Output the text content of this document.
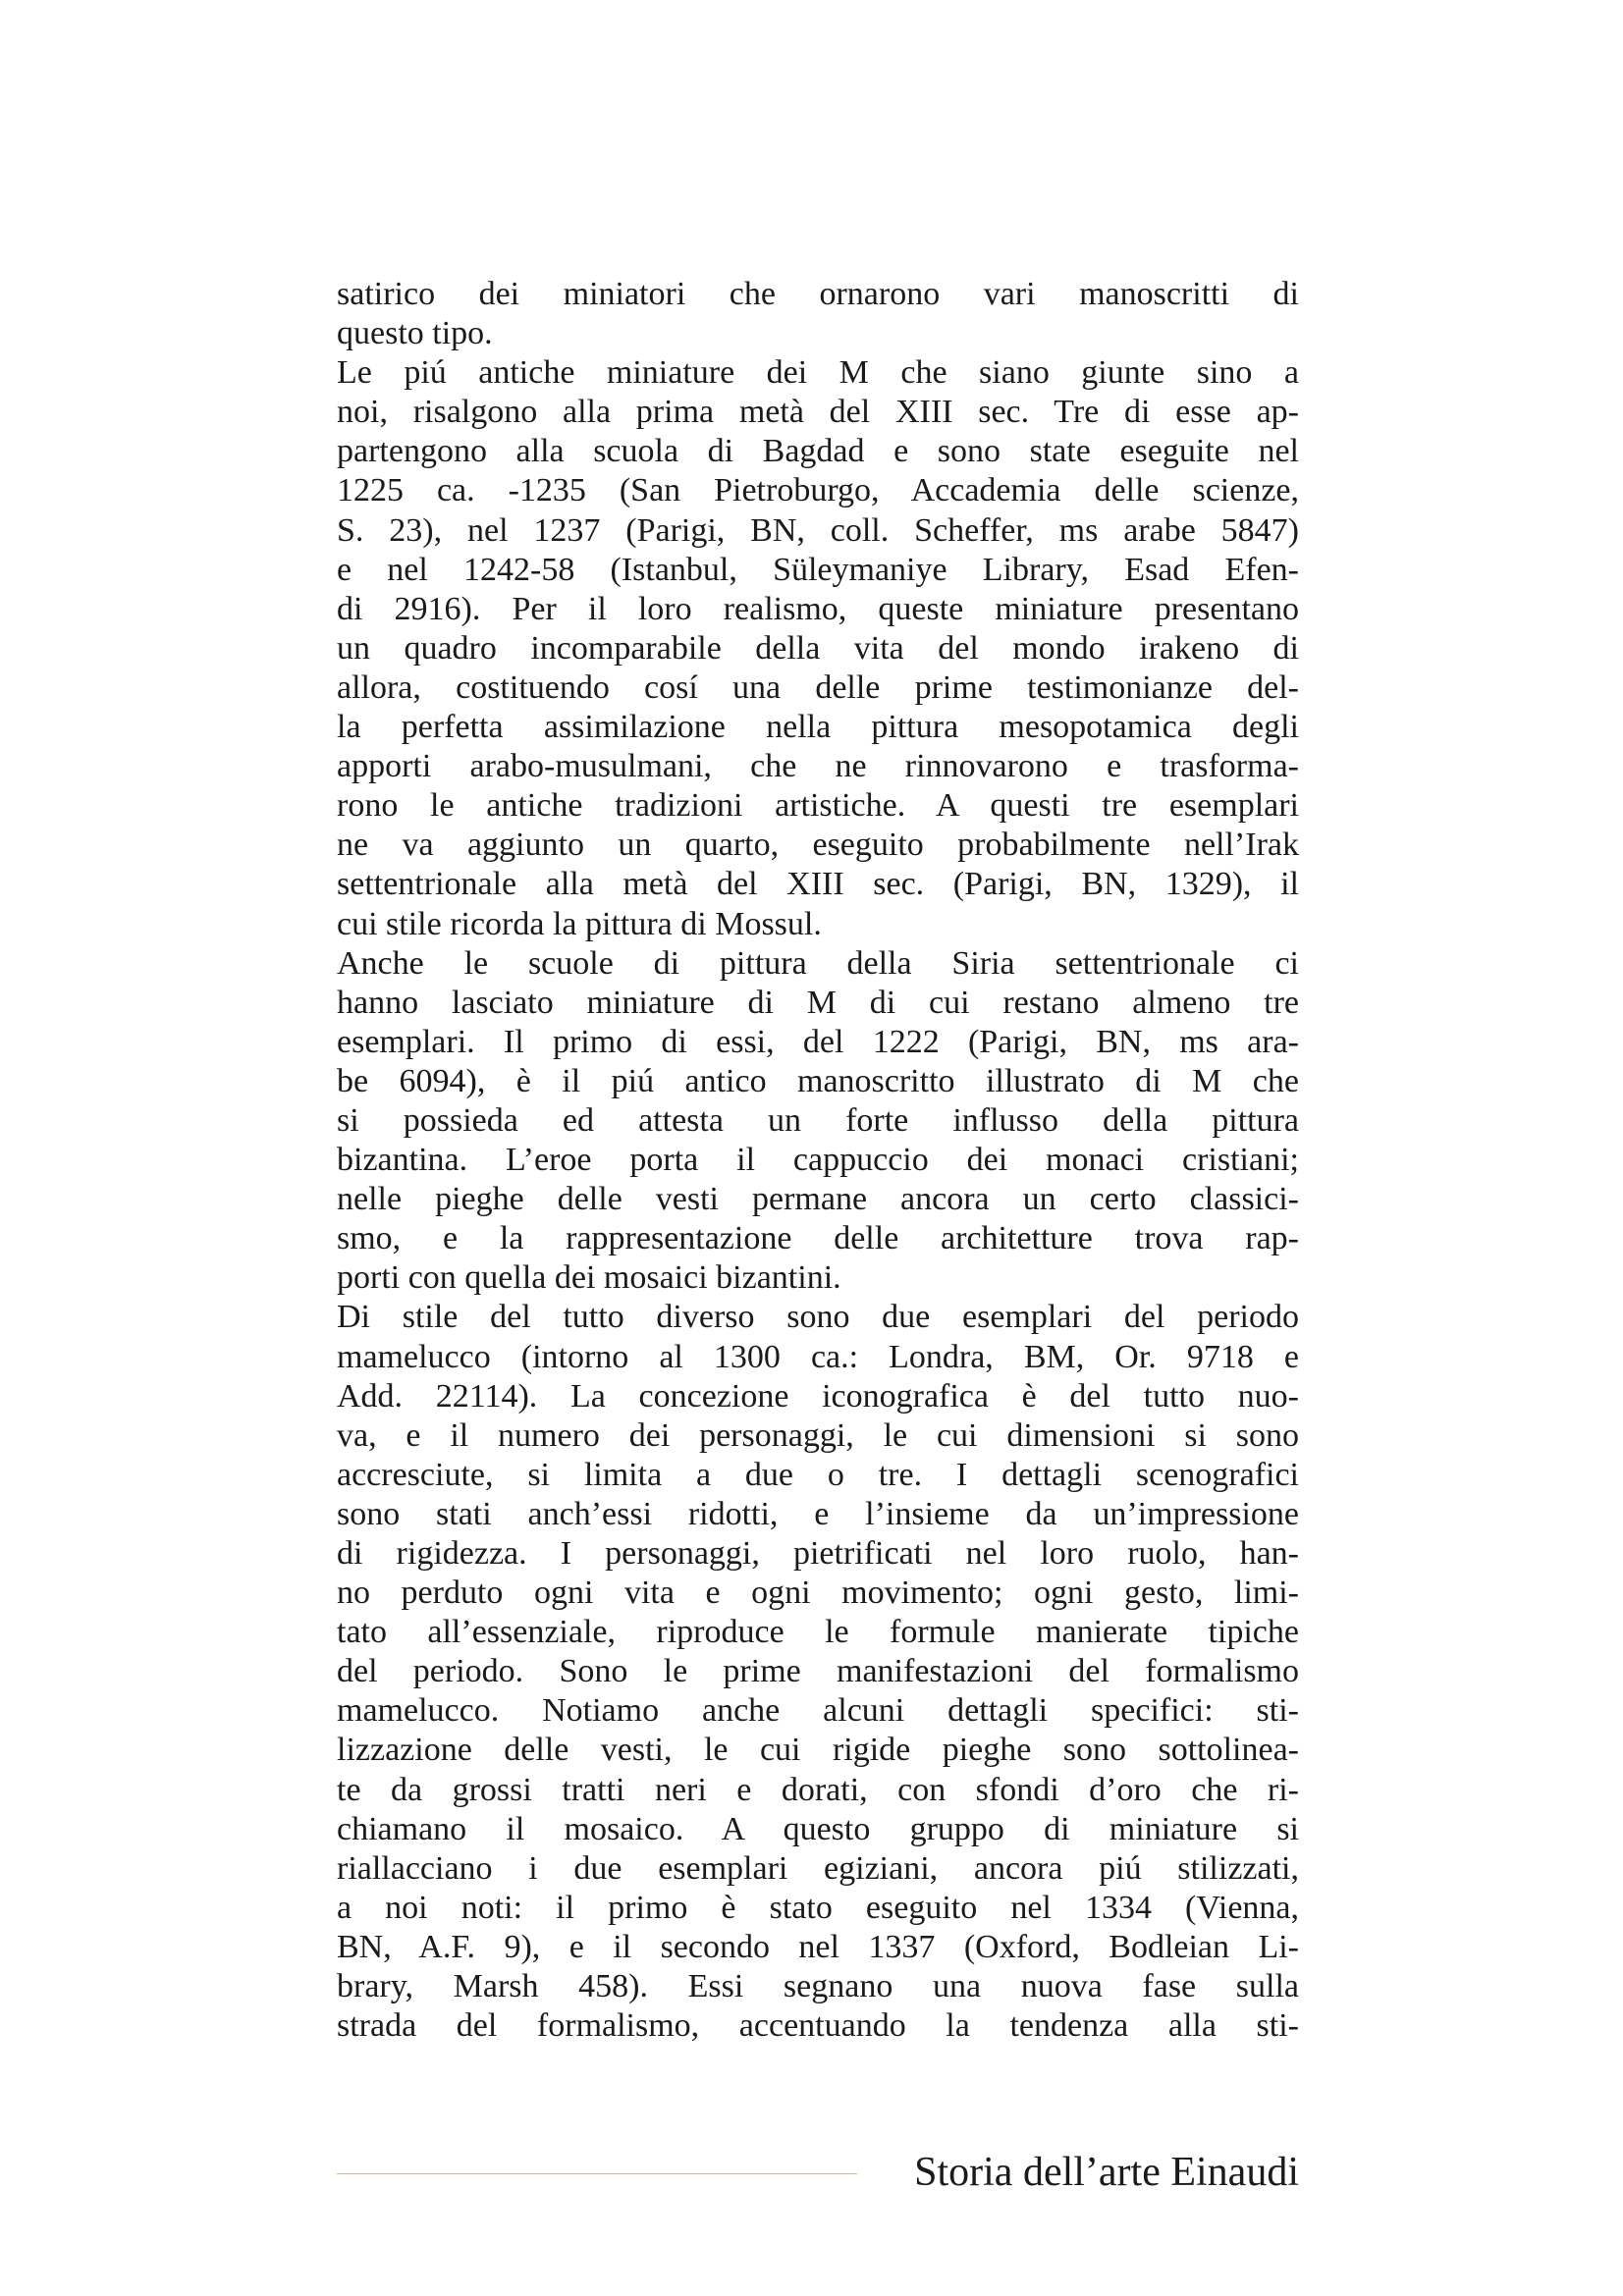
satirico dei miniatori che ornarono vari manoscritti di
questo tipo.
Le piú antiche miniature dei M che siano giunte sino a
noi, risalgono alla prima metà del XIII sec. Tre di esse ap-
partengono alla scuola di Bagdad e sono state eseguite nel
1225 ca. -1235 (San Pietroburgo, Accademia delle scienze,
S. 23), nel 1237 (Parigi, BN, coll. Scheffer, ms arabe 5847)
e nel 1242-58 (Istanbul, Süleymaniye Library, Esad Efen-
di 2916). Per il loro realismo, queste miniature presentano
un quadro incomparabile della vita del mondo irakeno di
allora, costituendo cosí una delle prime testimonianze del-
la perfetta assimilazione nella pittura mesopotamica degli
apporti arabo-musulmani, che ne rinnovarono e trasforma-
rono le antiche tradizioni artistiche. A questi tre esemplari
ne va aggiunto un quarto, eseguito probabilmente nell’Irak
settentrionale alla metà del XIII sec. (Parigi, BN, 1329), il
cui stile ricorda la pittura di Mossul.
Anche le scuole di pittura della Siria settentrionale ci
hanno lasciato miniature di M di cui restano almeno tre
esemplari. Il primo di essi, del 1222 (Parigi, BN, ms ara-
be 6094), è il piú antico manoscritto illustrato di M che
si possieda ed attesta un forte influsso della pittura
bizantina. L’eroe porta il cappuccio dei monaci cristiani;
nelle pieghe delle vesti permane ancora un certo classici-
smo, e la rappresentazione delle architetture trova rap-
porti con quella dei mosaici bizantini.
Di stile del tutto diverso sono due esemplari del periodo
mamelucco (intorno al 1300 ca.: Londra, BM, Or. 9718 e
Add. 22114). La concezione iconografica è del tutto nuo-
va, e il numero dei personaggi, le cui dimensioni si sono
accresciute, si limita a due o tre. I dettagli scenografici
sono stati anch’essi ridotti, e l’insieme da un’impressione
di rigidezza. I personaggi, pietrificati nel loro ruolo, han-
no perduto ogni vita e ogni movimento; ogni gesto, limi-
tato all’essenziale, riproduce le formule manierate tipiche
del periodo. Sono le prime manifestazioni del formalismo
mamelucco. Notiamo anche alcuni dettagli specifici: sti-
lizzazione delle vesti, le cui rigide pieghe sono sottolinea-
te da grossi tratti neri e dorati, con sfondi d’oro che ri-
chiamano il mosaico. A questo gruppo di miniature si
riallacciano i due esemplari egiziani, ancora piú stilizzati,
a noi noti: il primo è stato eseguito nel 1334 (Vienna,
BN, A.F. 9), e il secondo nel 1337 (Oxford, Bodleian Li-
brary, Marsh 458). Essi segnano una nuova fase sulla
strada del formalismo, accentuando la tendenza alla sti-
Storia dell’arte Einaudi
